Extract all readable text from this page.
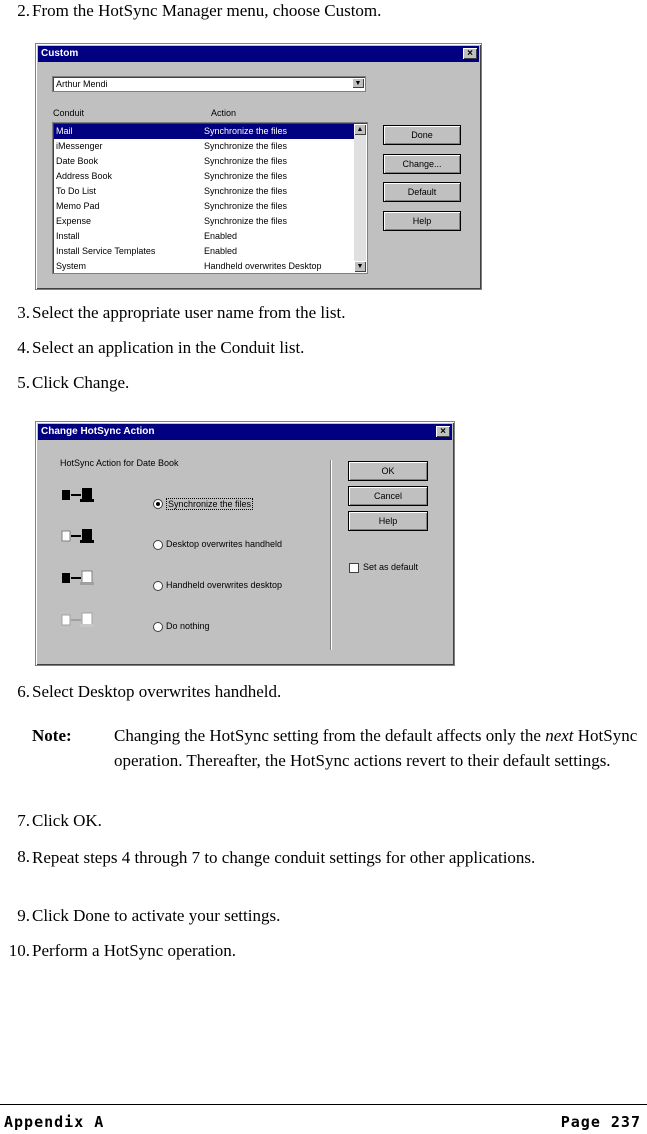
2. From the HotSync Manager menu, choose Custom.
Custom	×
Arthur Mendi	▼
Conduit	Action
Mail	Synchronize the files
iMessenger	Synchronize the files
Date Book	Synchronize the files
Address Book	Synchronize the files
To Do List	Synchronize the files
Memo Pad	Synchronize the files
Expense	Synchronize the files
Install	Enabled
Install Service Templates	Enabled
System	Handheld overwrites Desktop
▲
▼
Done
Change...
Default
Help
3. Select the appropriate user name from the list.
4. Select an application in the Conduit list.
5. Click Change.
Change HotSync Action	×
HotSync Action for Date Book
Synchronize the files
Desktop overwrites handheld
Handheld overwrites desktop
Do nothing
OK
Cancel
Help
Set as default
6. Select Desktop overwrites handheld.
Note: Changing the HotSync setting from the default affects only the next HotSync operation. Thereafter, the HotSync actions revert to their default settings.
7. Click OK.
8. Repeat steps 4 through 7 to change conduit settings for other applications.
9. Click Done to activate your settings.
10. Perform a HotSync operation.
Appendix A	Page 237
